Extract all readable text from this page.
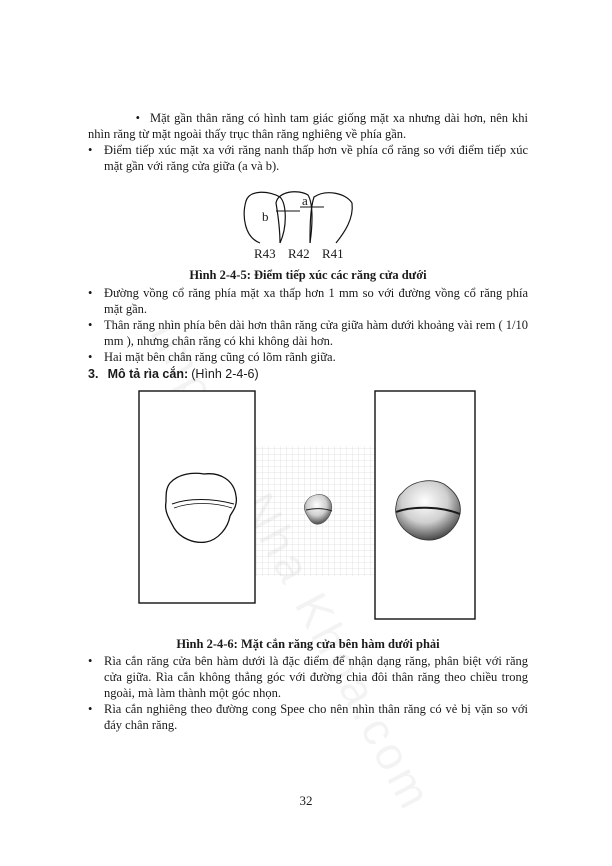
• Mặt gần thân răng có hình tam giác giống mặt xa nhưng dài hơn, nên khi nhìn răng từ mặt ngoài thấy trục thân răng nghiêng về phía gần.
• Điểm tiếp xúc mặt xa với răng nanh thấp hơn về phía cổ răng so với điểm tiếp xúc mặt gần với răng cửa giữa (a và b).
a
b
R43 R42 R41
Hình 2-4-5: Điểm tiếp xúc các răng cửa dưới
• Đường vồng cổ răng phía mặt xa thấp hơn 1 mm so với đường vồng cổ răng phía mặt gần.
• Thân răng nhìn phía bên dài hơn thân răng cửa giữa hàm dưới khoảng vài rem ( 1/10 mm ), nhưng chân răng có khi không dài hơn.
• Hai mặt bên chân răng cũng có lõm rãnh giữa.
3. Mô tả rìa cắn: (Hình 2-4-6)
Hình 2-4-6: Mặt cắn răng cửa bên hàm dưới phải
• Rìa cắn răng cửa bên hàm dưới là đặc điểm để nhận dạng răng, phân biệt với răng cửa giữa. Rìa cắn không thẳng góc với đường chia đôi thân răng theo chiều trong ngoài, mà làm thành một góc nhọn.
• Rìa cắn nghiêng theo đường cong Spee cho nên nhìn thân răng có vẻ bị vặn so với đáy chân răng.
32
